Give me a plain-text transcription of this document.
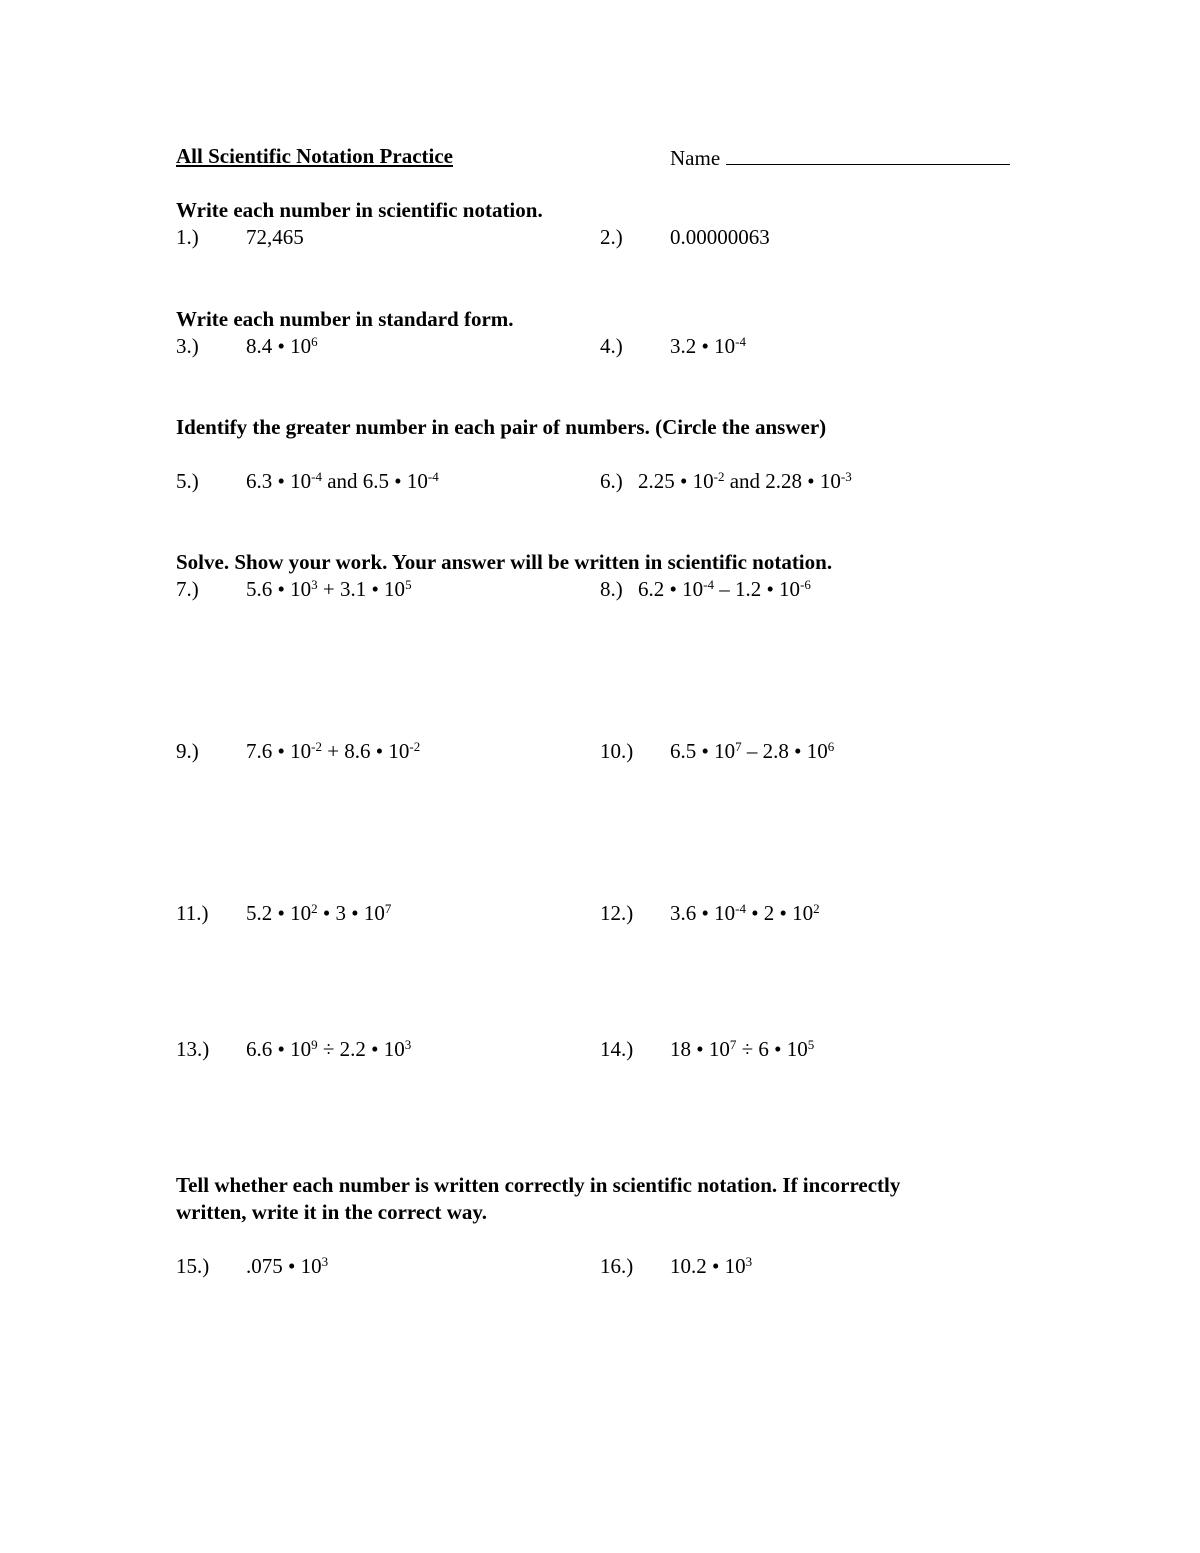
All Scientific Notation Practice	Name
Write each number in scientific notation.
1.) 72,465	2.) 0.00000063
Write each number in standard form.
3.) 8.4 • $10^6$	4.) 3.2 • $10^{-4}$
Identify the greater number in each pair of numbers. (Circle the answer)
5.) 6.3 • $10^{-4}$ and 6.5 • $10^{-4}$	6.) 2.25 • $10^{-2}$ and 2.28 • $10^{-3}$
Solve. Show your work. Your answer will be written in scientific notation.
7.) 5.6 • $10^3 + 3.1$ • $10^5$	8.) 6.2 • $10^{-4} - 1.2$ • $10^{-6}$
9.) 7.6 • $10^{-2} + 8.6$ • $10^{-2}$	10.) 6.5 • $10^7 - 2.8$ • $10^6$
11.) 5.2 • $10^2$ • 3 • $10^7$	12.) 3.6 • $10^{-4}$ • 2 • $10^2$
13.) 6.6 • $10^9 \div 2.2$ • $10^3$	14.) 18 • $10^7 \div 6$ • $10^5$
Tell whether each number is written correctly in scientific notation. If incorrectly
written, write it in the correct way.
15.) .075 • $10^3$	16.) 10.2 • $10^3$
